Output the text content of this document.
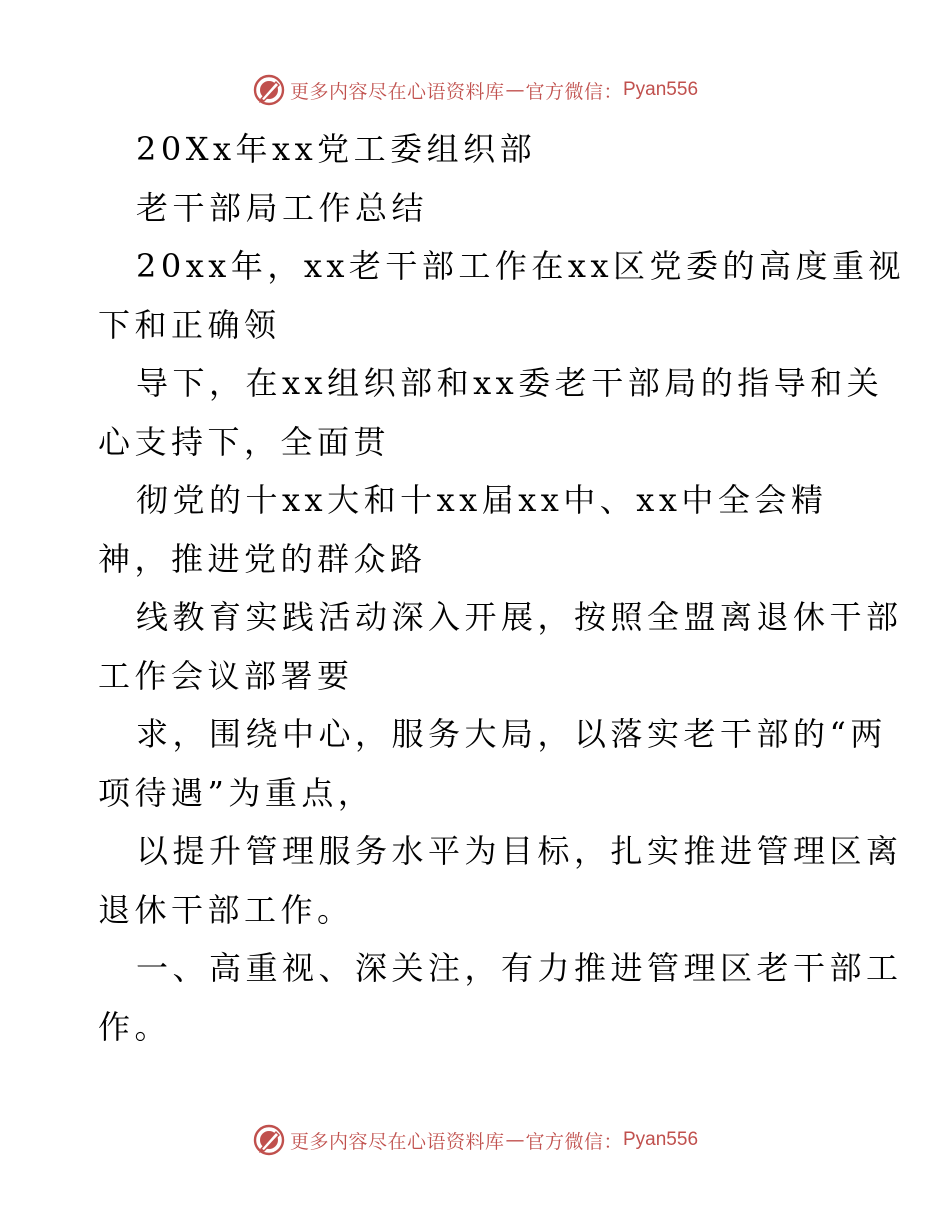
更多内容尽在心语资料库 — 官方微信： Pyan556
20Xx年xx党工委组织部
老干部局工作总结
20xx年，xx老干部工作在xx区党委的高度重视
下和正确领
导下，在xx组织部和xx委老干部局的指导和关
心支持下，全面贯
彻党的十xx大和十xx届xx中、xx中全会精
神，推进党的群众路
线教育实践活动深入开展，按照全盟离退休干部
工作会议部署要
求，围绕中心，服务大局，以落实老干部的“两
项待遇”为重点，
以提升管理服务水平为目标，扎实推进管理区离
退休干部工作。
一、高重视、深关注，有力推进管理区老干部工
作。
更多内容尽在心语资料库 — 官方微信： Pyan556
